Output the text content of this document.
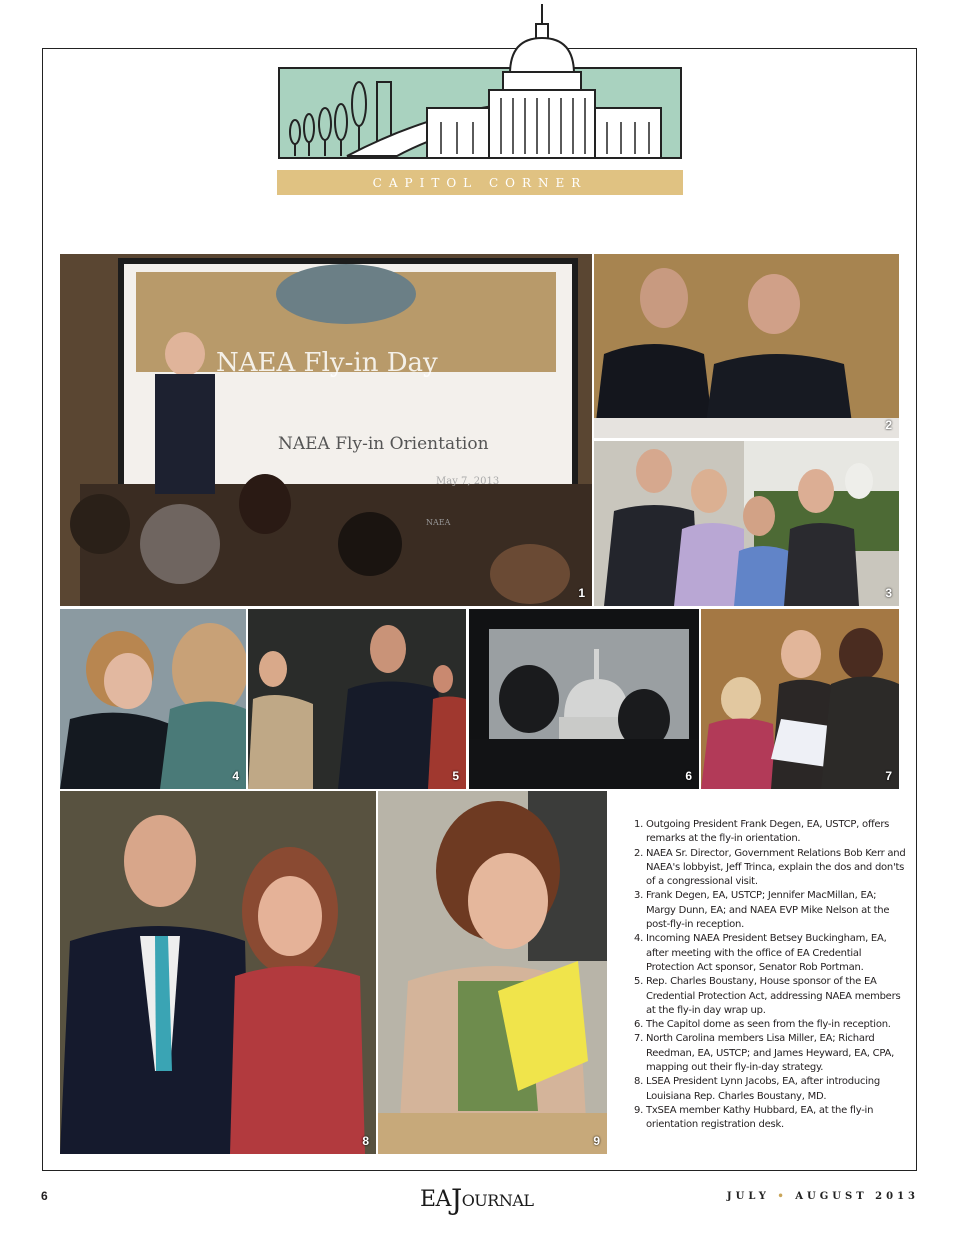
CAPITOL CORNER
NAEA Fly-in Day
NAEA Fly-in Orientation
May 7, 2013
NAEA
1
2
3
4	5	6	7
8	9
1. Outgoing President Frank Degen, EA, USTCP, offers remarks at the fly-in orientation.
2. NAEA Sr. Director, Government Relations Bob Kerr and NAEA's lobbyist, Jeff Trinca, explain the dos and don'ts of a congressional visit.
3. Frank Degen, EA, USTCP; Jennifer MacMillan, EA; Margy Dunn, EA; and NAEA EVP Mike Nelson at the post-fly-in reception.
4. Incoming NAEA President Betsey Buckingham, EA, after meeting with the office of EA Credential Protection Act sponsor, Senator Rob Portman.
5. Rep. Charles Boustany, House sponsor of the EA Credential Protection Act, addressing NAEA members at the fly-in day wrap up.
6. The Capitol dome as seen from the fly-in reception.
7. North Carolina members Lisa Miller, EA; Richard Reedman, EA, USTCP; and James Heyward, EA, CPA, mapping out their fly-in-day strategy.
8. LSEA President Lynn Jacobs, EA, after introducing Louisiana Rep. Charles Boustany, MD.
9. TxSEA member Kathy Hubbard, EA, at the fly-in orientation registration desk.
6	EAJOURNAL	JULY • AUGUST 2013
